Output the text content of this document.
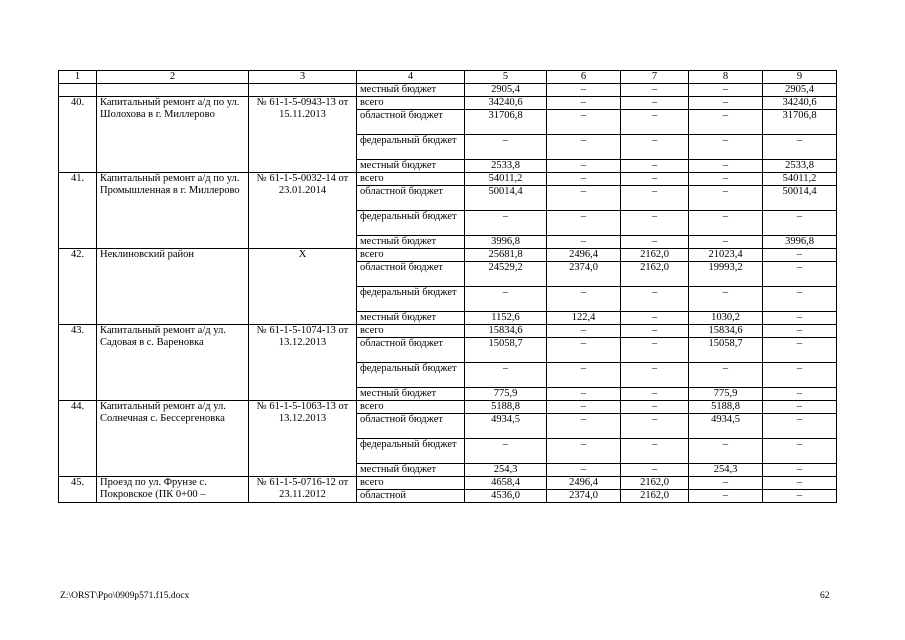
1	2	3	4	5	6	7	8	9
			местный бюджет	2905,4	–	–	–	2905,4
40.	Капитальный ремонт а/д по ул. Шолохова в г. Миллерово	№ 61-1-5-0943-13 от 15.11.2013	всего	34240,6	–	–	–	34240,6
			областной бюджет	31706,8	–	–	–	31706,8
			федеральный бюджет	–	–	–	–	–
			местный бюджет	2533,8	–	–	–	2533,8
41.	Капитальный ремонт а/д по ул. Промышленная в г. Миллерово	№ 61-1-5-0032-14 от 23.01.2014	всего	54011,2	–	–	–	54011,2
			областной бюджет	50014,4	–	–	–	50014,4
			федеральный бюджет	–	–	–	–	–
			местный бюджет	3996,8	–	–	–	3996,8
42.	Неклиновский район	Х	всего	25681,8	2496,4	2162,0	21023,4	–
			областной бюджет	24529,2	2374,0	2162,0	19993,2	–
			федеральный бюджет	–	–	–	–	–
			местный бюджет	1152,6	122,4	–	1030,2	–
43.	Капитальный ремонт а/д ул. Садовая в с. Вареновка	№ 61-1-5-1074-13 от 13.12.2013	всего	15834,6	–	–	15834,6	–
			областной бюджет	15058,7	–	–	15058,7	–
			федеральный бюджет	–	–	–	–	–
			местный бюджет	775,9	–	–	775,9	–
44.	Капитальный ремонт а/д ул. Солнечная с. Бессергеновка	№ 61-1-5-1063-13 от 13.12.2013	всего	5188,8	–	–	5188,8	–
			областной бюджет	4934,5	–	–	4934,5	–
			федеральный бюджет	–	–	–	–	–
			местный бюджет	254,3	–	–	254,3	–
45.	Проезд по ул. Фрунзе с. Покровское (ПК 0+00 –	№ 61-1-5-0716-12 от 23.11.2012	всего	4658,4	2496,4	2162,0	–	–
			областной	4536,0	2374,0	2162,0	–	–
Z:\ORST\Ppo\0909p571.f15.docx	62
